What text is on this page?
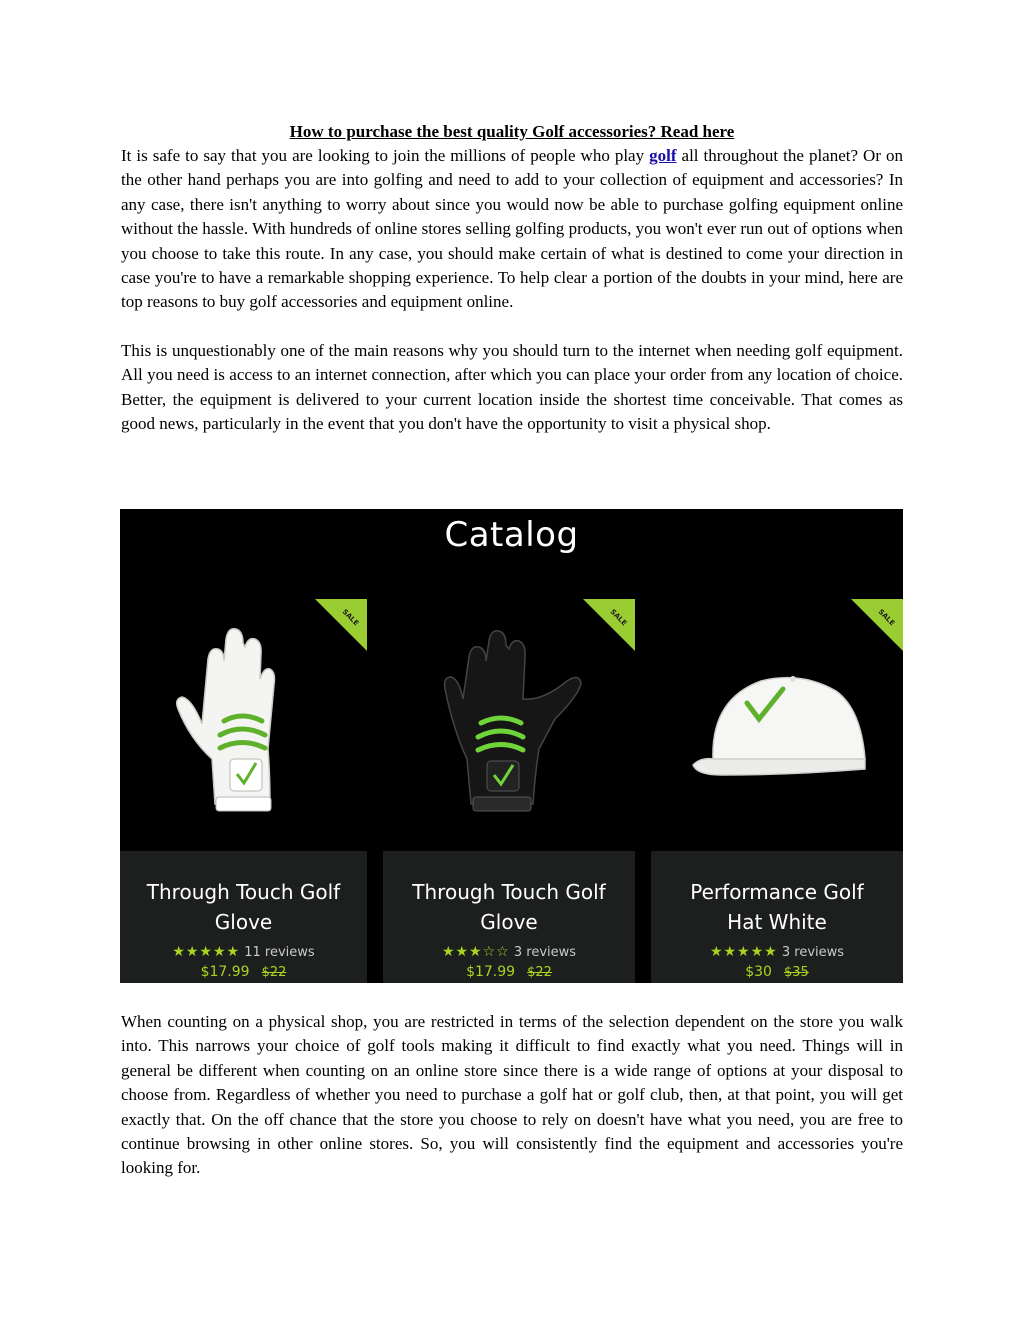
How to purchase the best quality Golf accessories? Read here

It is safe to say that you are looking to join the millions of people who play golf all throughout the planet? Or on the other hand perhaps you are into golfing and need to add to your collection of equipment and accessories? In any case, there isn't anything to worry about since you would now be able to purchase golfing equipment online without the hassle. With hundreds of online stores selling golfing products, you won't ever run out of options when you choose to take this route. In any case, you should make certain of what is destined to come your direction in case you're to have a remarkable shopping experience. To help clear a portion of the doubts in your mind, here are top reasons to buy golf accessories and equipment online.

This is unquestionably one of the main reasons why you should turn to the internet when needing golf equipment. All you need is access to an internet connection, after which you can place your order from any location of choice. Better, the equipment is delivered to your current location inside the shortest time conceivable. That comes as good news, particularly in the event that you don't have the opportunity to visit a physical shop.

Catalog
SALE
Through Touch Golf
Glove
★★★★★ 11 reviews
$17.99 $22
SALE
Through Touch Golf
Glove
★★★☆☆ 3 reviews
$17.99 $22
SALE
Performance Golf
Hat White
★★★★★ 3 reviews
$30 $35

When counting on a physical shop, you are restricted in terms of the selection dependent on the store you walk into. This narrows your choice of golf tools making it difficult to find exactly what you need. Things will in general be different when counting on an online store since there is a wide range of options at your disposal to choose from. Regardless of whether you need to purchase a golf hat or golf club, then, at that point, you will get exactly that. On the off chance that the store you choose to rely on doesn't have what you need, you are free to continue browsing in other online stores. So, you will consistently find the equipment and accessories you're looking for.
